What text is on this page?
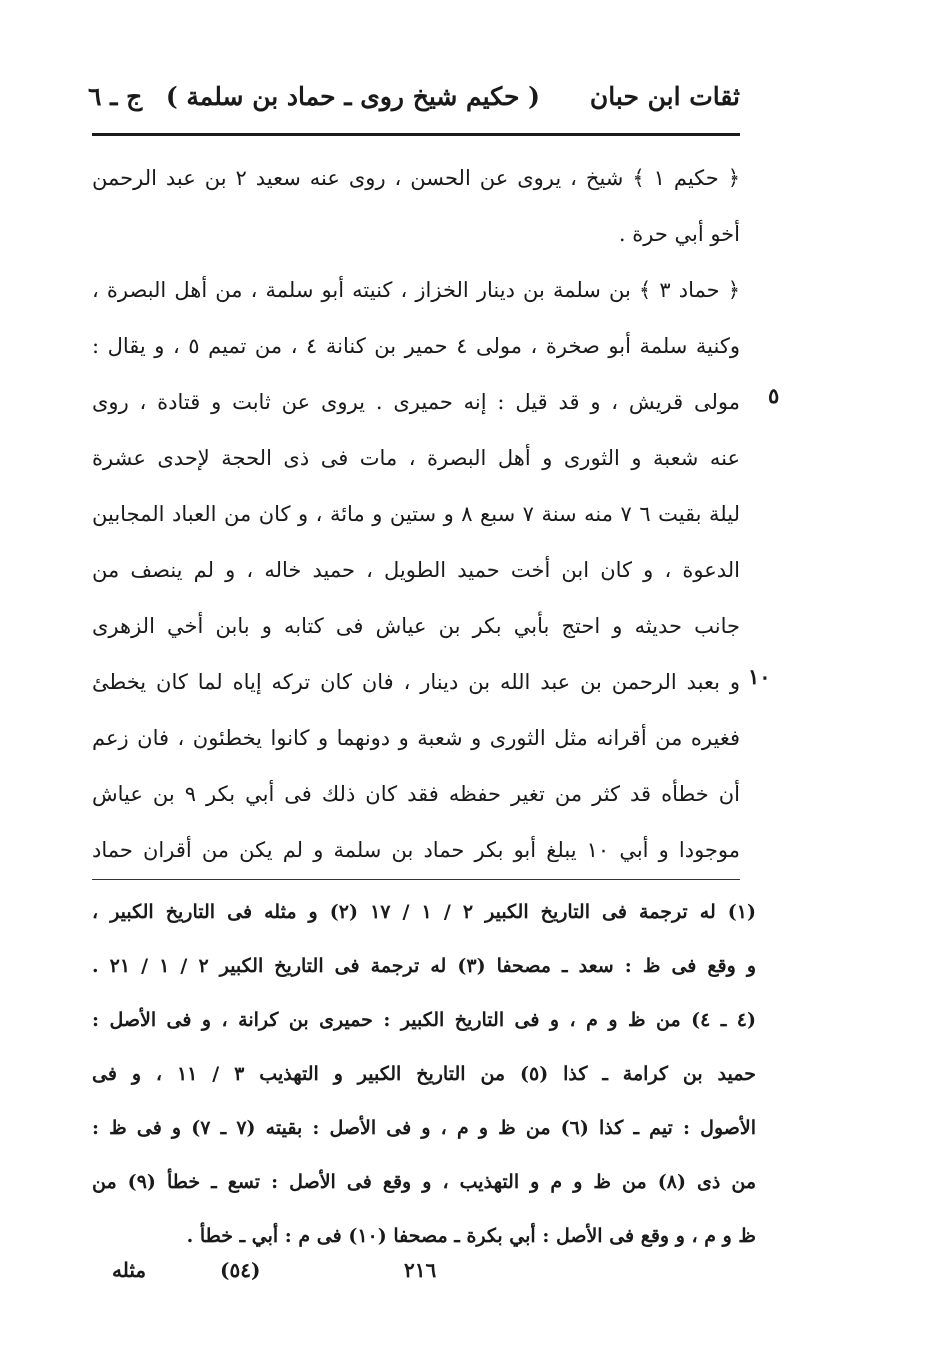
ثقات ابن حبان
( حكيم شيخ روى ـ حماد بن سلمة )
ج ـ ٦
﴿ حكيم ١ ﴾ شيخ ، يروى عن الحسن ، روى عنه سعيد ٢ بن عبد الرحمن
أخو أبي حرة .
﴿ حماد ٣ ﴾ بن سلمة بن دينار الخزاز ، كنيته أبو سلمة ، من أهل البصرة ،
وكنية سلمة أبو صخرة ، مولى ٤ حمير بن كنانة ٤ ، من تميم ٥ ، و يقال :
مولى قريش ، و قد قيل : إنه حميرى . يروى عن ثابت و قتادة ، روى
عنه شعبة و الثورى و أهل البصرة ، مات فى ذى الحجة لإحدى عشرة
ليلة بقيت ٦ ٧ منه سنة ٧ سبع ٨ و ستين و مائة ، و كان من العباد المجابين
الدعوة ، و كان ابن أخت حميد الطويل ، حميد خاله ، و لم ينصف من
جانب حديثه و احتج بأبي بكر بن عياش فى كتابه و بابن أخي الزهرى
و بعبد الرحمن بن عبد الله بن دينار ، فان كان تركه إياه لما كان يخطئ
فغيره من أقرانه مثل الثورى و شعبة و دونهما و كانوا يخطئون ، فان زعم
أن خطأه قد كثر من تغير حفظه فقد كان ذلك فى أبي بكر ٩ بن عياش
موجودا و أبي ١٠ يبلغ أبو بكر حماد بن سلمة و لم يكن من أقران حماد
٥
١٠
(١) له ترجمة فى التاريخ الكبير ٢ / ١ / ١٧ (٢) و مثله فى التاريخ الكبير ،
و وقع فى ظ : سعد ـ مصحفا (٣) له ترجمة فى التاريخ الكبير ٢ / ١ / ٢١ .
(٤ ـ ٤) من ظ و م ، و فى التاريخ الكبير : حميرى بن كرانة ، و فى الأصل :
حميد بن كرامة ـ كذا (٥) من التاريخ الكبير و التهذيب ٣ / ١١ ، و فى
الأصول : تيم ـ كذا (٦) من ظ و م ، و فى الأصل : بقيته (٧ ـ ٧) و فى ظ :
من ذى (٨) من ظ و م و التهذيب ، و وقع فى الأصل : تسع ـ خطأ (٩) من
ظ و م ، و وقع فى الأصل : أبي بكرة ـ مصحفا (١٠) فى م : أبي ـ خطأ .
مثله	(٥٤)	٢١٦
